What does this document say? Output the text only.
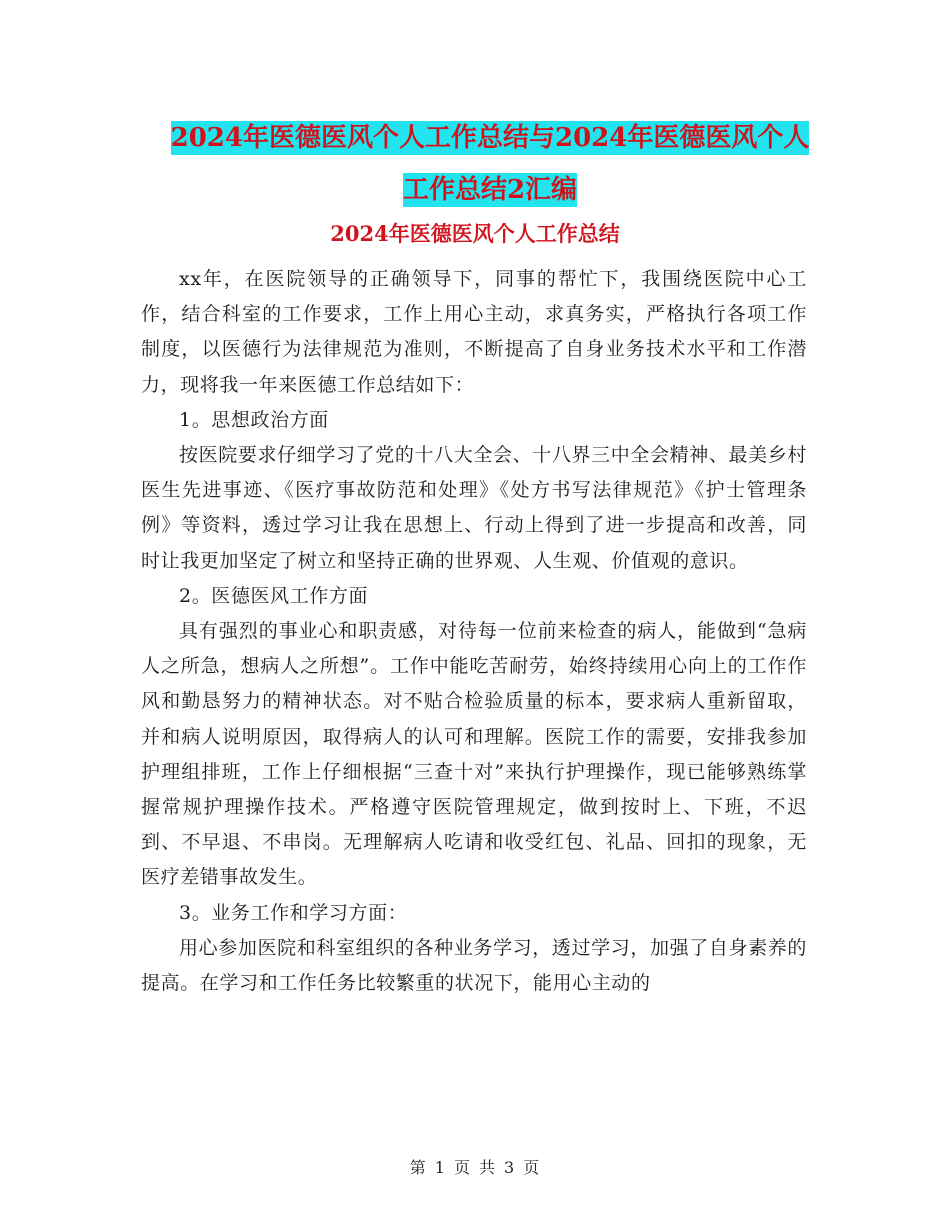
2024年医德医风个人工作总结与2024年医德医风个人
工作总结2汇编
2024年医德医风个人工作总结

xx年，在医院领导的正确领导下，同事的帮忙下，我围绕医院中心工作，结合科室的工作要求，工作上用心主动，求真务实，严格执行各项工作制度，以医德行为法律规范为准则，不断提高了自身业务技术水平和工作潜力，现将我一年来医德工作总结如下：

1。思想政治方面

按医院要求仔细学习了党的十八大全会、十八界三中全会精神、最美乡村医生先进事迹、《医疗事故防范和处理》《处方书写法律规范》《护士管理条例》等资料，透过学习让我在思想上、行动上得到了进一步提高和改善，同时让我更加坚定了树立和坚持正确的世界观、人生观、价值观的意识。

2。医德医风工作方面

具有强烈的事业心和职责感，对待每一位前来检查的病人，能做到“急病人之所急，想病人之所想”。工作中能吃苦耐劳，始终持续用心向上的工作作风和勤恳努力的精神状态。对不贴合检验质量的标本，要求病人重新留取，并和病人说明原因，取得病人的认可和理解。医院工作的需要，安排我参加护理组排班，工作上仔细根据“三查十对”来执行护理操作，现已能够熟练掌握常规护理操作技术。严格遵守医院管理规定，做到按时上、下班，不迟到、不早退、不串岗。无理解病人吃请和收受红包、礼品、回扣的现象，无医疗差错事故发生。

3。业务工作和学习方面：

用心参加医院和科室组织的各种业务学习，透过学习，加强了自身素养的提高。在学习和工作任务比较繁重的状况下，能用心主动的

第 1 页 共 3 页
